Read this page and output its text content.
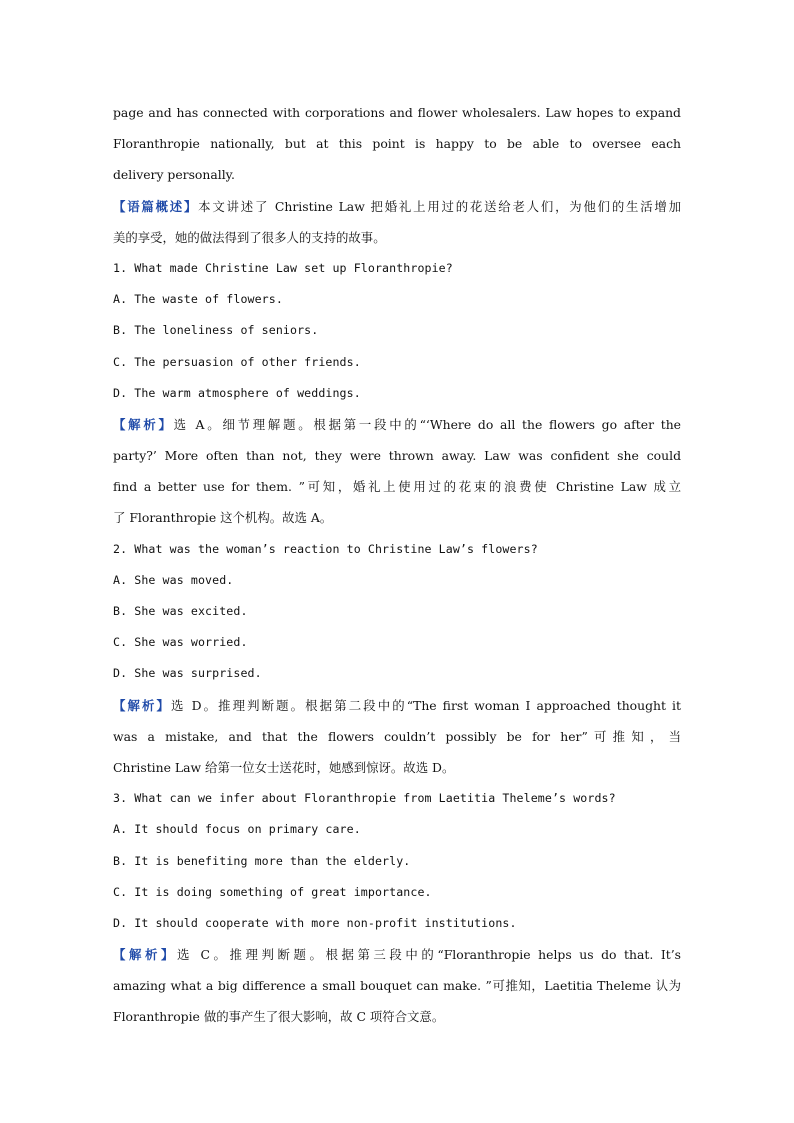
page and has connected with corporations and flower wholesalers. Law hopes to expand
Floranthropie nationally, but at this point is happy to be able to oversee each
delivery personally.
【语篇概述】本文讲述了 Christine Law 把婚礼上用过的花送给老人们，为他们的生活增加
美的享受，她的做法得到了很多人的支持的故事。
1. What made Christine Law set up Floranthropie?
A. The waste of flowers.
B. The loneliness of seniors.
C. The persuasion of other friends.
D. The warm atmosphere of weddings.
【解析】选 A。细节理解题。根据第一段中的“‘Where do all the flowers go after the
party?’ More often than not, they were thrown away. Law was confident she could
find a better use for them. ”可知，婚礼上使用过的花束的浪费使 Christine Law 成立
了 Floranthropie 这个机构。故选 A。
2. What was the woman’s reaction to Christine Law’s flowers?
A. She was moved.
B. She was excited.
C. She was worried.
D. She was surprised.
【解析】选 D。推理判断题。根据第二段中的“The first woman I approached thought it
was a mistake, and that the flowers couldn’t possibly be for her”可推知，当
Christine Law 给第一位女士送花时，她感到惊讶。故选 D。
3. What can we infer about Floranthropie from Laetitia Theleme’s words?
A. It should focus on primary care.
B. It is benefiting more than the elderly.
C. It is doing something of great importance.
D. It should cooperate with more non-profit institutions.
【解析】选 C。推理判断题。根据第三段中的“Floranthropie helps us do that. It’s
amazing what a big difference a small bouquet can make. ”可推知，Laetitia Theleme 认为
Floranthropie 做的事产生了很大影响，故 C 项符合文意。
